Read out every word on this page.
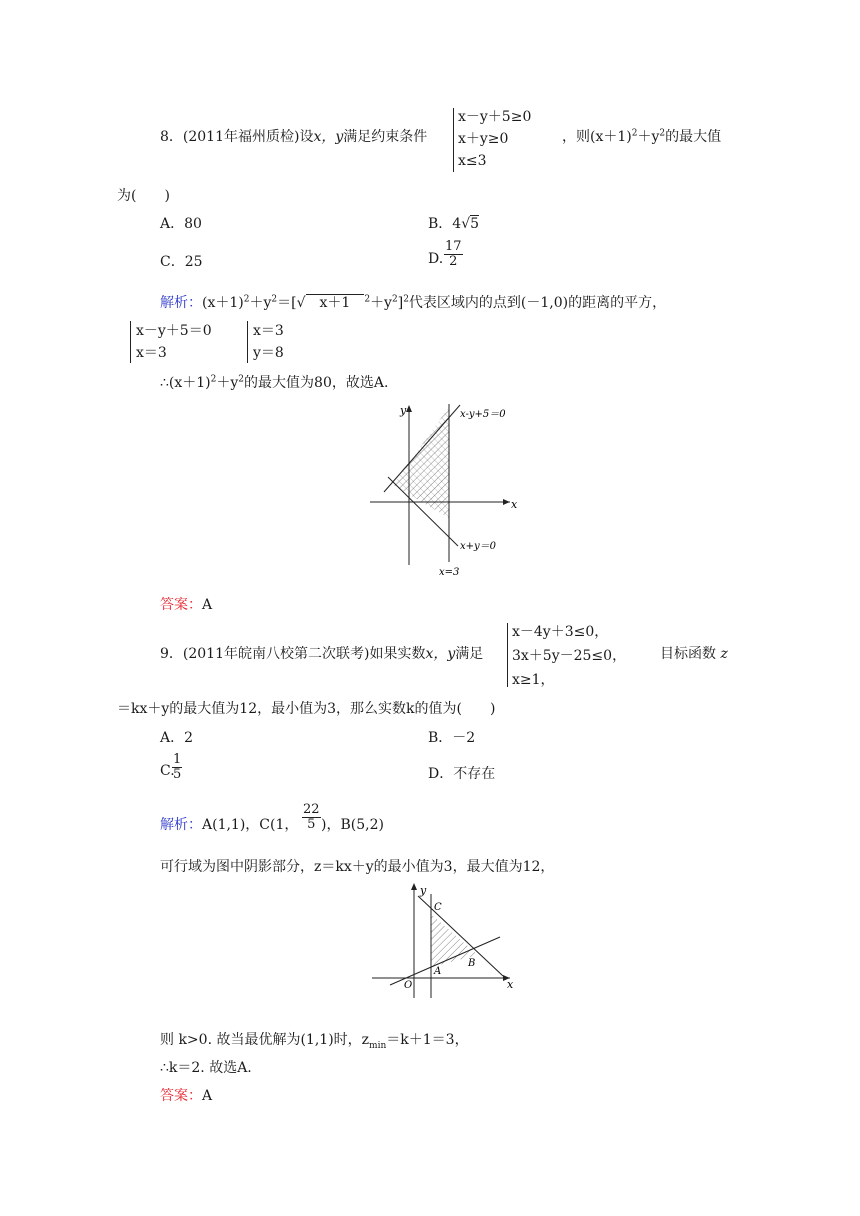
8．(2011年福州质检)设x，y满足约束条件
x－y＋5≥0
x＋y≥0
x≤3
，则$(x+1)^2+y^2$的最大值
为(　　)
A．80	B．4√5
C．25	D. $\frac{17}{2}$
解析：$(x+1)^2+y^2=[√$　x＋1　$^2+y^2]^2$代表区域内的点到(－1,0)的距离的平方，
x－y＋5＝0
x＝3
x＝3
y＝8
$\therefore(x+1)^2+y^2$的最大值为80，故选A.
y
x
x-y+5＝0
x+y＝0
x=3
答案：A
9．(2011年皖南八校第二次联考)如果实数x，y满足
x－4y＋3≤0，
3x＋5y－25≤0，
x≥1，
目标函数 z
＝kx＋y的最大值为12，最小值为3，那么实数k的值为(　　)
A．2	B．－2
C.
$\frac{1}{5}$	D．不存在
解析：A(1,1)，C(1， $\frac{22}{5}$ )，B(5,2)
可行域为图中阴影部分，z＝kx＋y的最小值为3，最大值为12，
y
x
O
A
B
C
则 k>0. 故当最优解为(1,1)时，$z_{min}=k+1=3$，
∴k＝2. 故选A.
答案：A
